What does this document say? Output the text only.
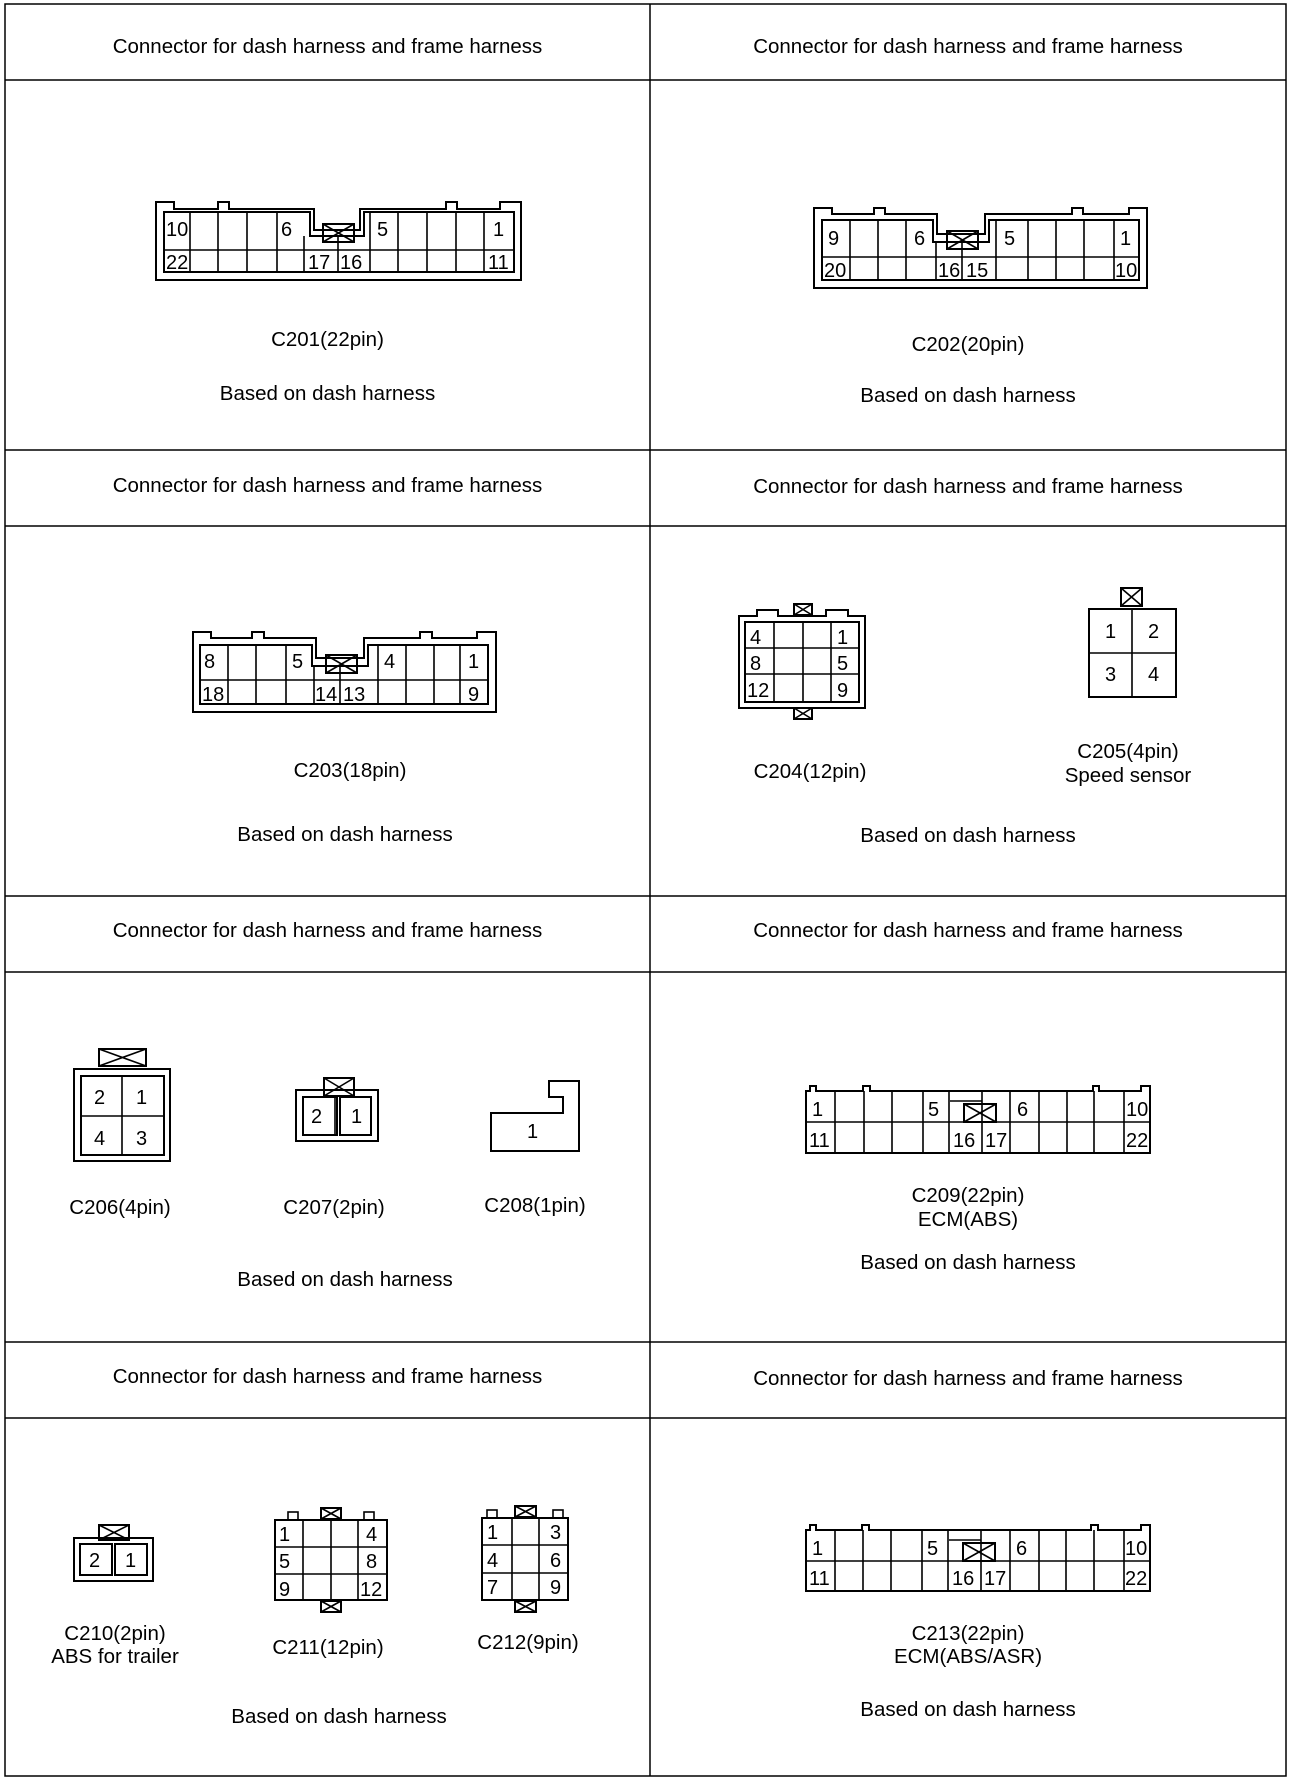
10	6	5	1
22	17 16	11
9	6	5	1
20	16 15	10
8	5	4	1
18	14 13	9
4	1
8	5
12	9
1 2
3 4
2 1
4 3
2 1
1
1	5	6	10
11	16 17	22
2 1
1	4
5	8
9	12
1	3
4	6
7	9
1	5	6	10
11	16 17	22
Connector for dash harness and frame harness	Connector for dash harness and frame harness
C201(22pin)
Based on dash harness
C202(20pin)
Based on dash harness
Connector for dash harness and frame harness	Connector for dash harness and frame harness
C203(18pin)
Based on dash harness
C204(12pin)
C205(4pin)
Speed sensor
Based on dash harness
Connector for dash harness and frame harness	Connector for dash harness and frame harness
C206(4pin)	C207(2pin)	C208(1pin)
Based on dash harness
C209(22pin)
ECM(ABS)
Based on dash harness
Connector for dash harness and frame harness	Connector for dash harness and frame harness
C210(2pin)
ABS for trailer	C211(12pin)	C212(9pin)
Based on dash harness
C213(22pin)
ECM(ABS/ASR)
Based on dash harness
